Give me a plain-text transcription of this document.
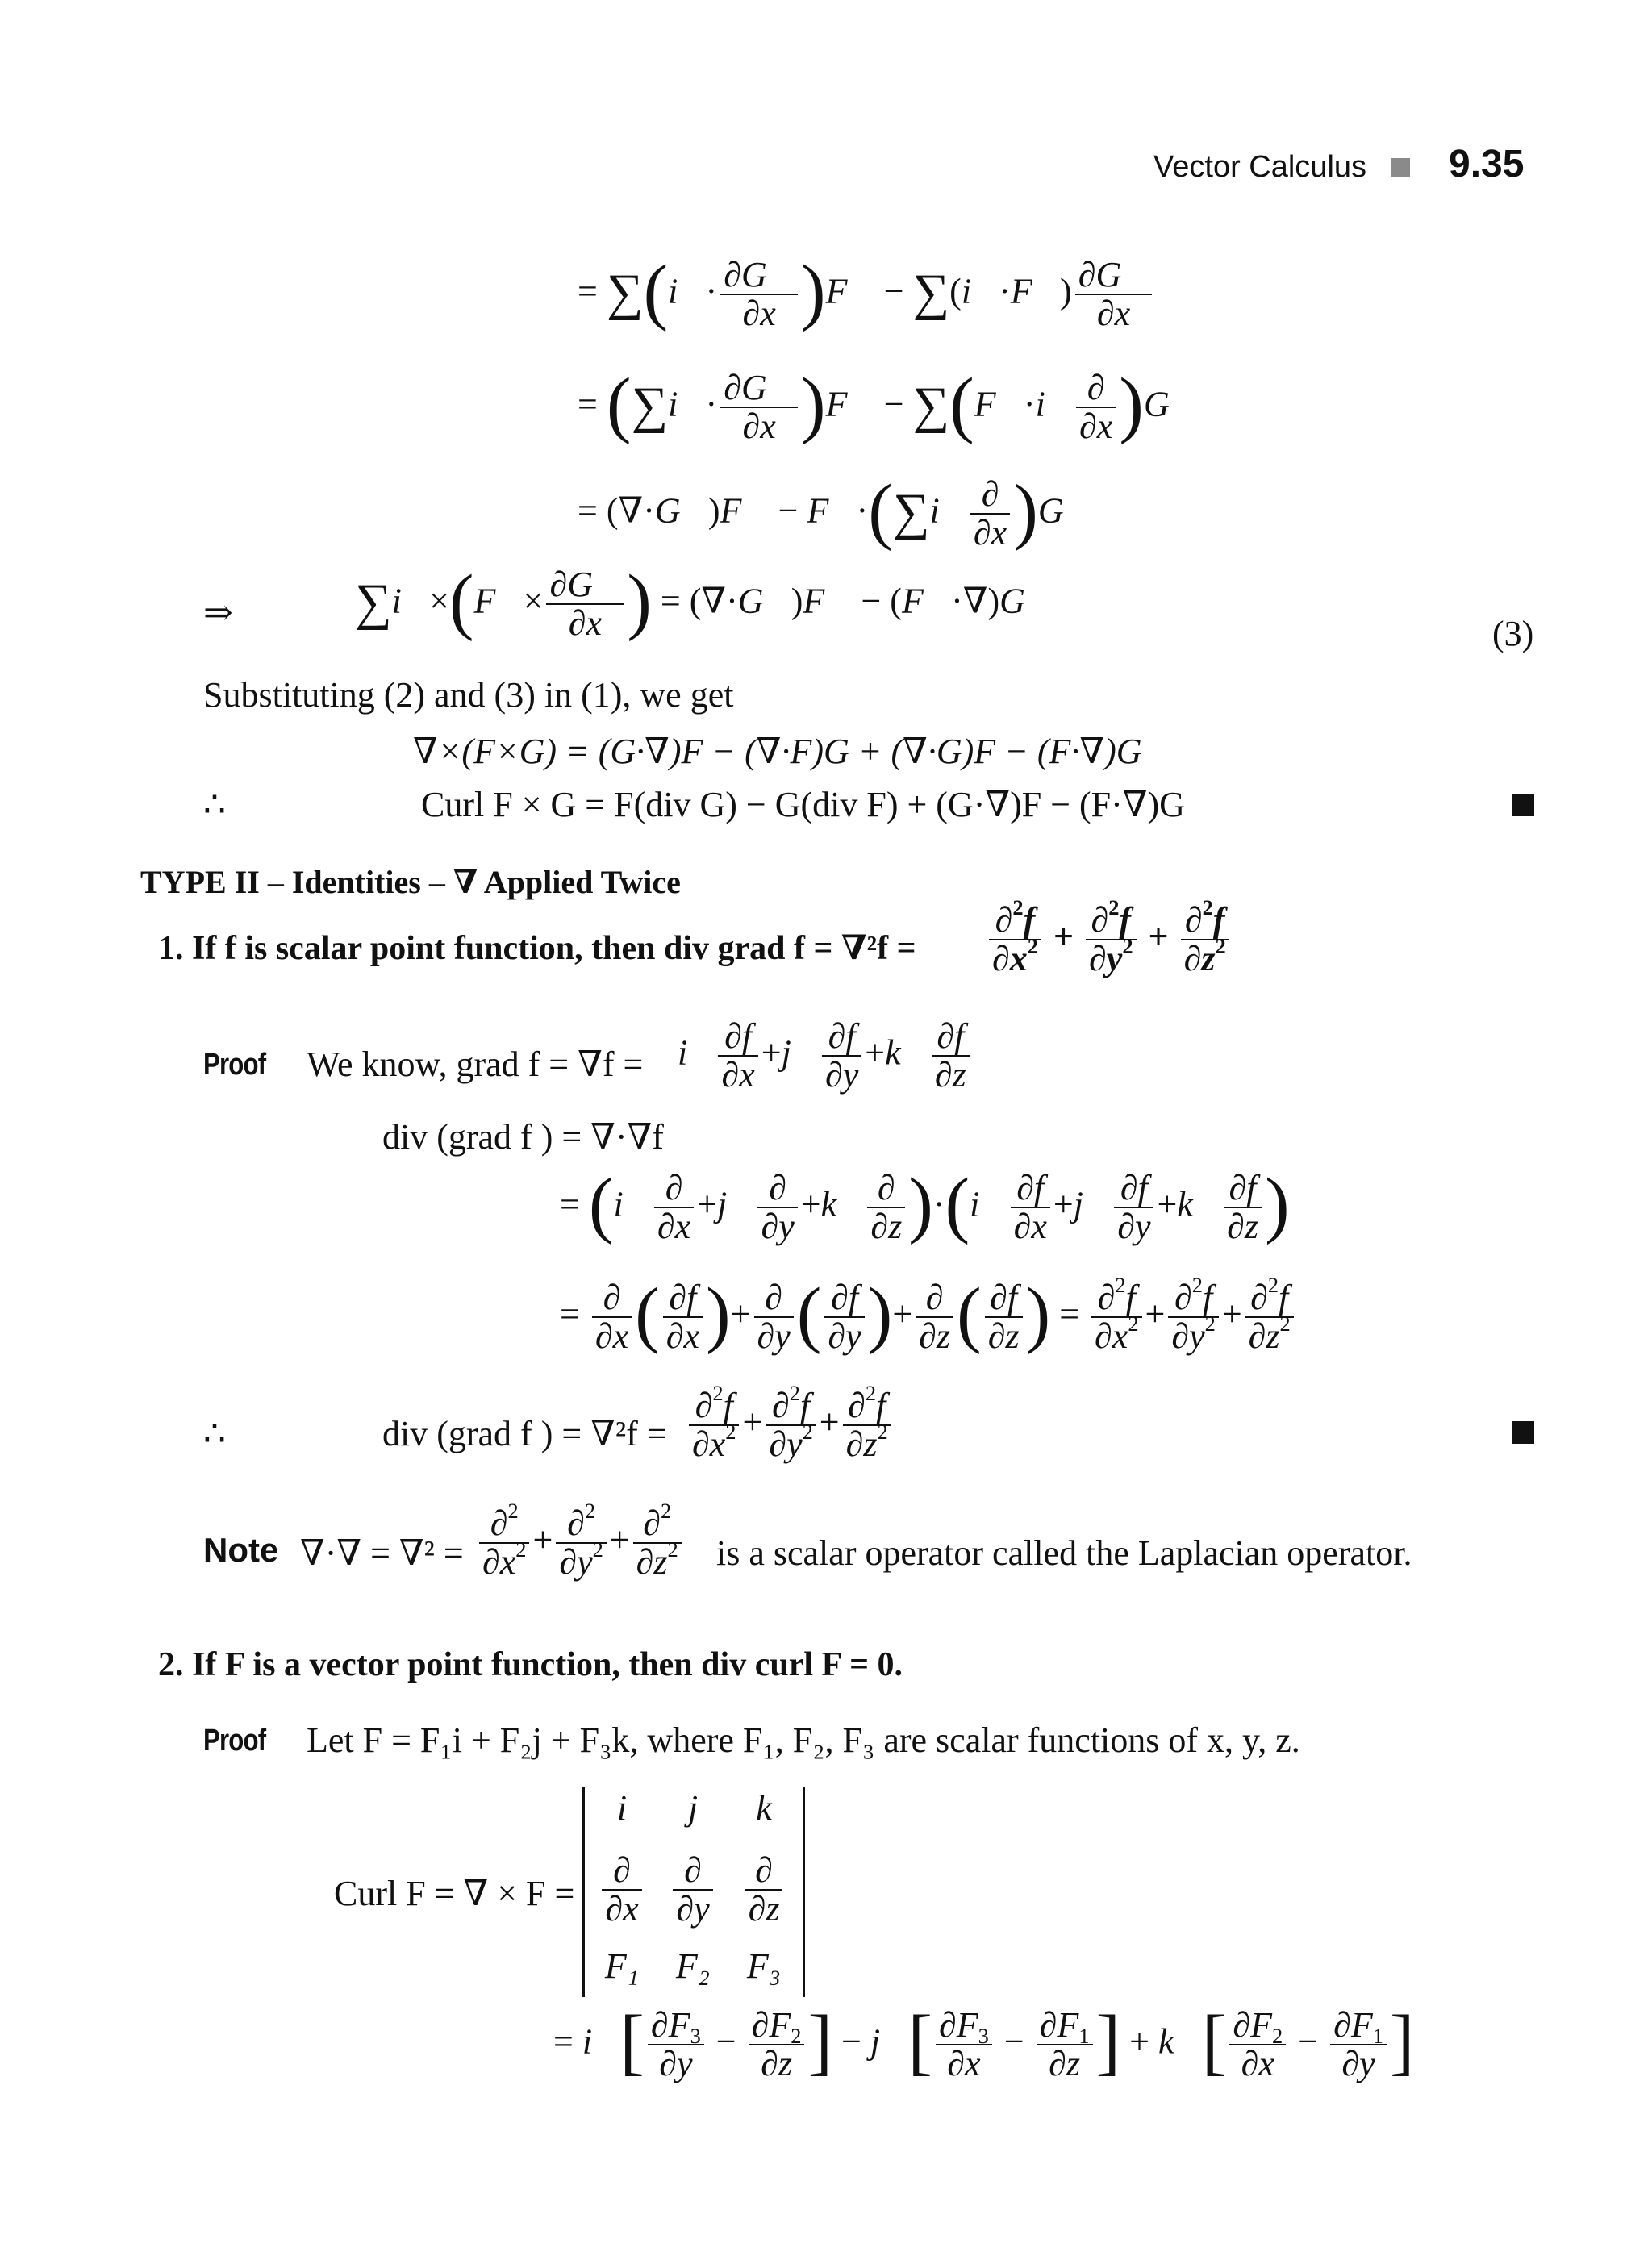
Vector Calculus 9.35
= ∑(i⃗· $\frac{\partial G⃗}{\partial x}$ )F⃗ − ∑(i⃗·F⃗) $\frac{\partial G⃗}{\partial x}$
= (∑i⃗· $\frac{\partial G⃗}{\partial x}$ )F⃗ − ∑(F⃗·i⃗ $\frac{\partial}{\partial x}$ )G⃗
= (∇·G⃗)F⃗ − F⃗·(∑i⃗ $\frac{\partial}{\partial x}$ )G⃗
⇒ ∑i⃗×(F⃗× $\frac{\partial G⃗}{\partial x}$ ) = (∇·G⃗)F⃗ − (F⃗·∇)G⃗
(3)
Substituting (2) and (3) in (1), we get
∇×(F×G) = (G·∇)F − (∇·F)G + (∇·G)F − (F·∇)G
∴	Curl F × G = F(div G) − G(div F) + (G·∇)F − (F·∇)G
TYPE II – Identities – ∇ Applied Twice
1. If f is scalar point function, then div grad $f = \nabla^2f = \frac{\partial^2f}{\partial x^2} + \frac{\partial^2f}{\partial y^2} + \frac{\partial^2f}{\partial z^2}$
Proof	We know, grad f = ∇f = i⃗ $\frac{\partial f}{\partial x}$ +j⃗ $\frac{\partial f}{\partial y}$ +k⃗ $\frac{\partial f}{\partial z}$
div (grad f ) = ∇·∇f
= (i⃗ $\frac{\partial}{\partial x}$ +j⃗ $\frac{\partial}{\partial y}$ +k⃗ $\frac{\partial}{\partial z}$ )·(i⃗ $\frac{\partial f}{\partial x}$ +j⃗ $\frac{\partial f}{\partial y}$ +k⃗ $\frac{\partial f}{\partial z}$ )
= $\frac{\partial}{\partial x}$ ( $\frac{\partial f}{\partial x}$ )+ $\frac{\partial}{\partial y}$ ( $\frac{\partial f}{\partial y}$ )+ $\frac{\partial}{\partial z}$ ( $\frac{\partial f}{\partial z}$ ) = $\frac{\partial^2f}{\partial x^2} + \frac{\partial^2f}{\partial y^2} + \frac{\partial^2f}{\partial z^2}$
∴	div (grad f ) = $\nabla^2f = \frac{\partial^2f}{\partial x^2} + \frac{\partial^2f}{\partial y^2} + \frac{\partial^2f}{\partial z^2}$
Note ∇·∇ = $\nabla^2 = \frac{\partial^2}{\partial x^2} + \frac{\partial^2}{\partial y^2} + \frac{\partial^2}{\partial z^2}$ is a scalar operator called the Laplacian operator.
2. If F is a vector point function, then div curl F = 0.
Proof	Let F = F₁i + F₂j + F₃k, where F₁, F₂, F₃ are scalar functions of x, y, z.
Curl F = ∇ × F =
i	j	k
$\frac{\partial}{\partial x} \frac{\partial}{\partial y} \frac{\partial}{\partial z}$
F₁	F₂	F₃
= i⃗[ $\frac{\partial F_3}{\partial y} - \frac{\partial F_2}{\partial z}$ ] − j⃗[ $\frac{\partial F_3}{\partial x} - \frac{\partial F_1}{\partial z}$ ] + k⃗[ $\frac{\partial F_2}{\partial x} - \frac{\partial F_1}{\partial y}$ ]
